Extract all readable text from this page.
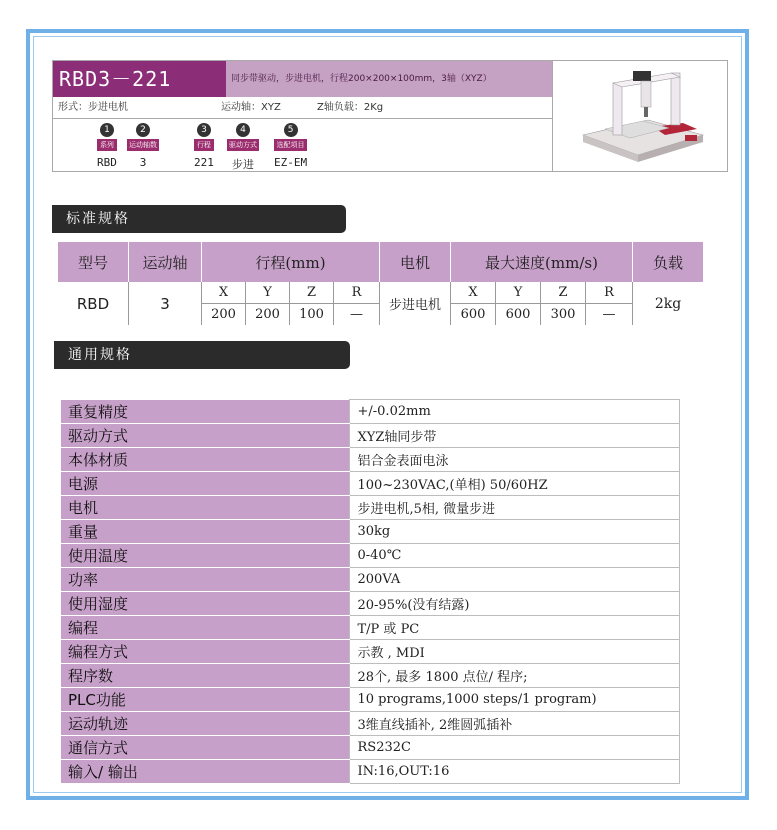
RBD3－221	同步带驱动，步进电机，行程200×200×100mm，3轴（XYZ）
形式：步进电机	运动轴：XYZ	Z轴负载：2Kg
1
系列
RBD
2
运动轴数
3
3
行程
221
4
驱动方式
步进
5
选配项目
EZ-EM
标准规格
型号	运动轴	行程(mm)				电机	最大速度(mm/s)				负载
RBD	3	X	Y	Z	R	步进电机	X	Y	Z	R	2kg
		200	200	100	—		600	600	300	—	
通用规格
重复精度	+/-0.02mm
驱动方式	XYZ轴同步带
本体材质	铝合金表面电泳
电源	100~230VAC,(单相) 50/60HZ
电机	步进电机,5相, 微量步进
重量	30kg
使用温度	0-40℃
功率	200VA
使用湿度	20-95%(没有结露)
编程	T/P 或 PC
编程方式	示教 , MDI
程序数	28个, 最多 1800 点位/ 程序;
PLC功能	10 programs,1000 steps/1 program)
运动轨迹	3维直线插补, 2维圆弧插补
通信方式	RS232C
输入/ 输出	IN:16,OUT:16
